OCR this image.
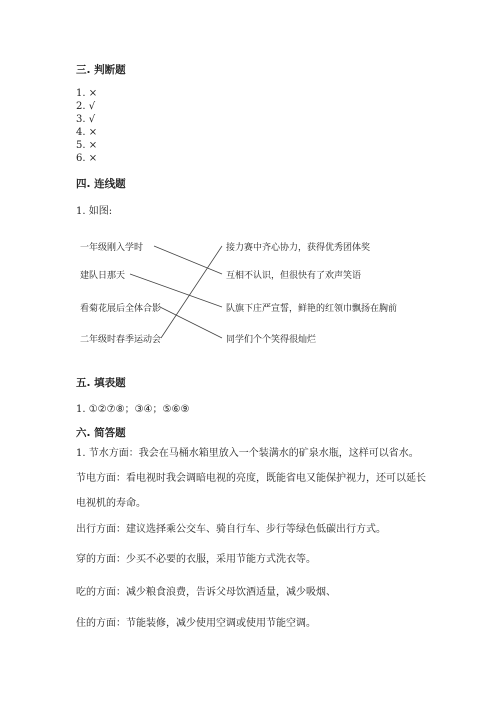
三. 判断题
1. ×
2. √
3. √
4. ×
5. ×
6. ×
四. 连线题
1. 如图:
一年级刚入学时
建队日那天
看菊花展后全体合影
二年级时春季运动会
接力赛中齐心协力，获得优秀团体奖
互相不认识，但很快有了欢声笑语
队旗下庄严宣誓，鲜艳的红领巾飘扬在胸前
同学们个个笑得很灿烂
五. 填表题
1. ①②⑦⑧；③④；⑤⑥⑨
六. 简答题
1. 节水方面：我会在马桶水箱里放入一个装满水的矿泉水瓶，这样可以省水。
节电方面：看电视时我会调暗电视的亮度，既能省电又能保护视力，还可以延长电视机的寿命。
出行方面：建议选择乘公交车、骑自行车、步行等绿色低碳出行方式。
穿的方面：少买不必要的衣服，采用节能方式洗衣等。
吃的方面：减少粮食浪费，告诉父母饮酒适量，减少吸烟、
住的方面：节能装修，减少使用空调或使用节能空调。
